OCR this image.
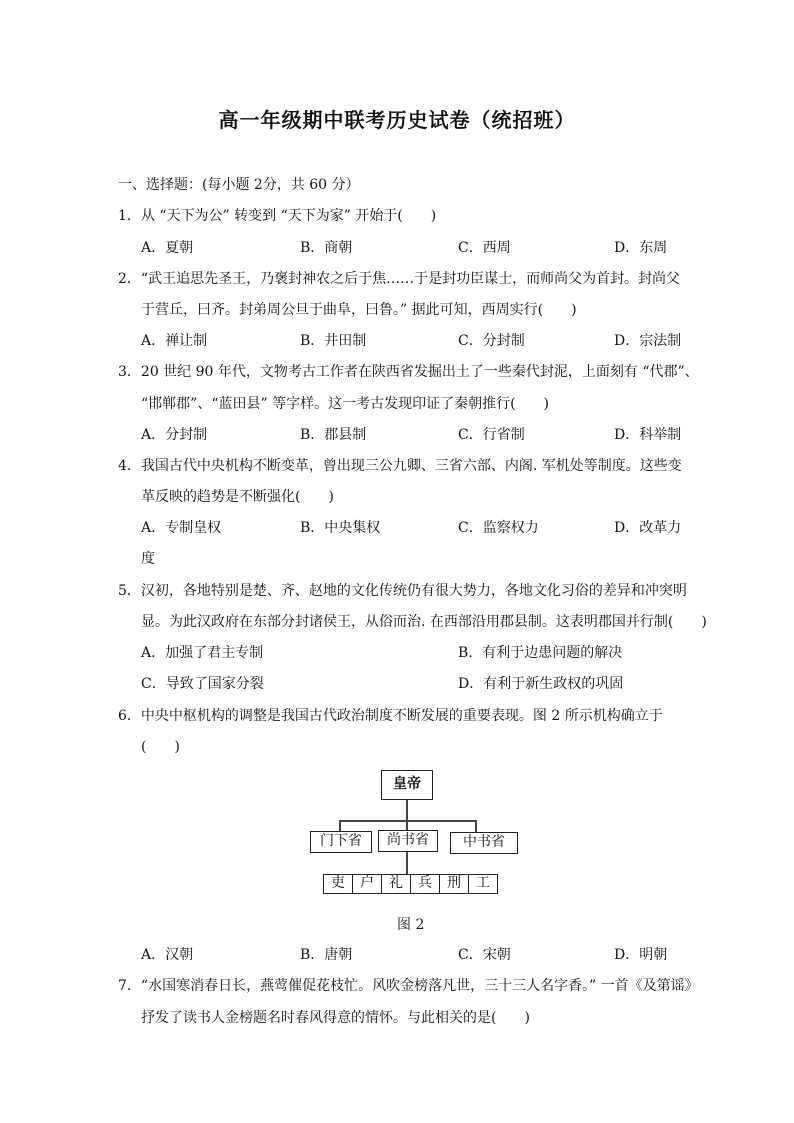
高一年级期中联考历史试卷（统招班）
一、选择题：(每小题 2分，共 60 分）
1．从 “天下为公” 转变到 “天下为家” 开始于(　　)
A．夏朝	B．商朝	C．西周	D．东周
2．“武王追思先圣王，乃褒封神农之后于焦……于是封功臣谋士，而师尚父为首封。封尚父
于营丘，曰齐。封弟周公旦于曲阜，曰鲁。” 据此可知，西周实行(　　)
A．禅让制	B．井田制	C．分封制	D．宗法制
3．20 世纪 90 年代，文物考古工作者在陕西省发掘出土了一些秦代封泥，上面刻有 “代郡”、
“邯郸郡”、“蓝田县” 等字样。这一考古发现印证了秦朝推行(　　)
A．分封制	B．郡县制	C．行省制	D．科举制
4．我国古代中央机构不断变革，曾出现三公九卿、三省六部、内阁. 军机处等制度。这些变
革反映的趋势是不断强化(　　)
A．专制皇权	B．中央集权	C．监察权力	D．改革力
度
5．汉初，各地特别是楚、齐、赵地的文化传统仍有很大势力，各地文化习俗的差异和冲突明
显。为此汉政府在东部分封诸侯王，从俗而治. 在西部沿用郡县制。这表明郡国并行制(　　)
A．加强了君主专制	B．有利于边患问题的解决
C．导致了国家分裂	D．有利于新生政权的巩固
6．中央中枢机构的调整是我国古代政治制度不断发展的重要表现。图 2 所示机构确立于
(　　)
皇帝
门下省	尚书省	中书省
吏	户	礼	兵	刑	工
图 2
A．汉朝	B．唐朝	C．宋朝	D．明朝
7．“水国寒消春日长，燕莺催促花枝忙。风吹金榜落凡世，三十三人名字香。” 一首《及第谣》
抒发了读书人金榜题名时春风得意的情怀。与此相关的是(　　)
